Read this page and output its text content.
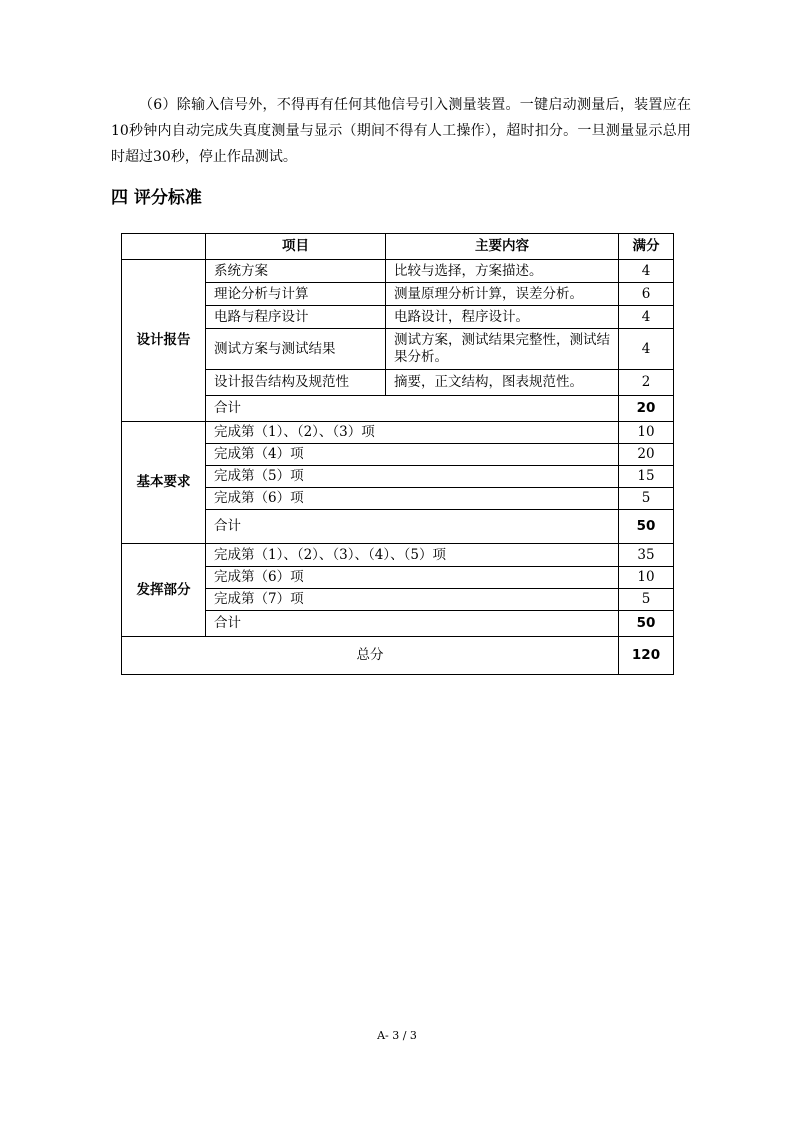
（6）除输入信号外，不得再有任何其他信号引入测量装置。一键启动测量后，装置应在10秒钟内自动完成失真度测量与显示（期间不得有人工操作），超时扣分。一旦测量显示总用时超过30秒，停止作品测试。

四 评分标准
	项目	主要内容	满分
设计报告	系统方案	比较与选择，方案描述。	4
	理论分析与计算	测量原理分析计算，误差分析。	6
	电路与程序设计	电路设计，程序设计。	4
	测试方案与测试结果	测试方案，测试结果完整性，测试结果分析。	4
	设计报告结构及规范性	摘要，正文结构，图表规范性。	2
	合计		20
基本要求	完成第（1）、（2）、（3）项		10
	完成第（4）项		20
	完成第（5）项		15
	完成第（6）项		5
	合计		50
发挥部分	完成第（1）、（2）、（3）、（4）、（5）项		35
	完成第（6）项		10
	完成第（7）项		5
	合计		50
总分			120
A- 3 / 3
